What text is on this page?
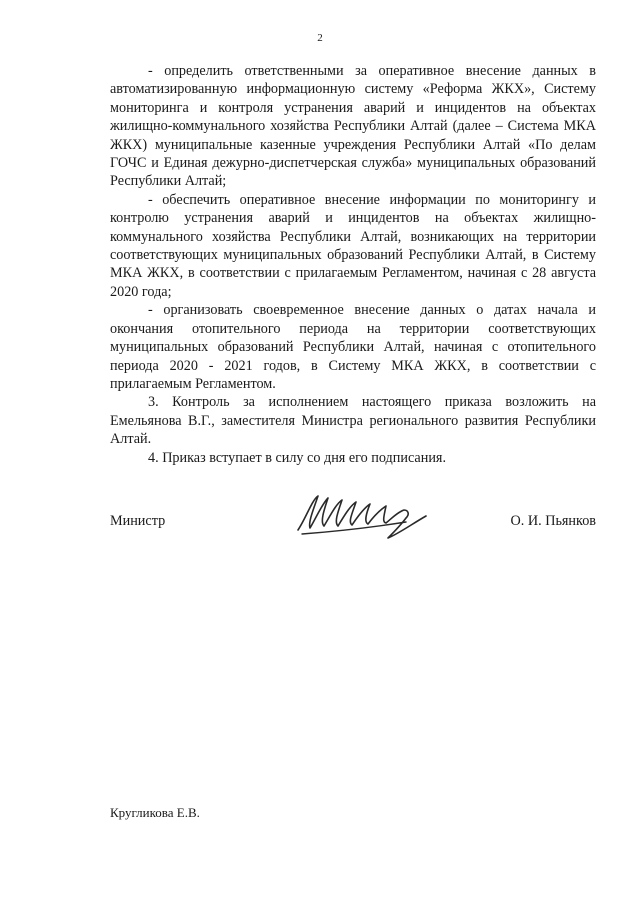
2

- определить ответственными за оперативное внесение данных в автоматизированную информационную систему «Реформа ЖКХ», Систему мониторинга и контроля устранения аварий и инцидентов на объектах жилищно-коммунального хозяйства Республики Алтай (далее – Система МКА ЖКХ) муниципальные казенные учреждения Республики Алтай «По делам ГОЧС и Единая дежурно-диспетчерская служба» муниципальных образований Республики Алтай;

- обеспечить оперативное внесение информации по мониторингу и контролю устранения аварий и инцидентов на объектах жилищно-коммунального хозяйства Республики Алтай, возникающих на территории соответствующих муниципальных образований Республики Алтай, в Систему МКА ЖКХ, в соответствии с прилагаемым Регламентом, начиная с 28 августа 2020 года;

- организовать своевременное внесение данных о датах начала и окончания отопительного периода на территории соответствующих муниципальных образований Республики Алтай, начиная с отопительного периода 2020 - 2021 годов, в Систему МКА ЖКХ, в соответствии с прилагаемым Регламентом.

3. Контроль за исполнением настоящего приказа возложить на Емельянова В.Г., заместителя Министра регионального развития Республики Алтай.

4. Приказ вступает в силу со дня его подписания.

Министр	О. И. Пьянков
Кругликова Е.В.
